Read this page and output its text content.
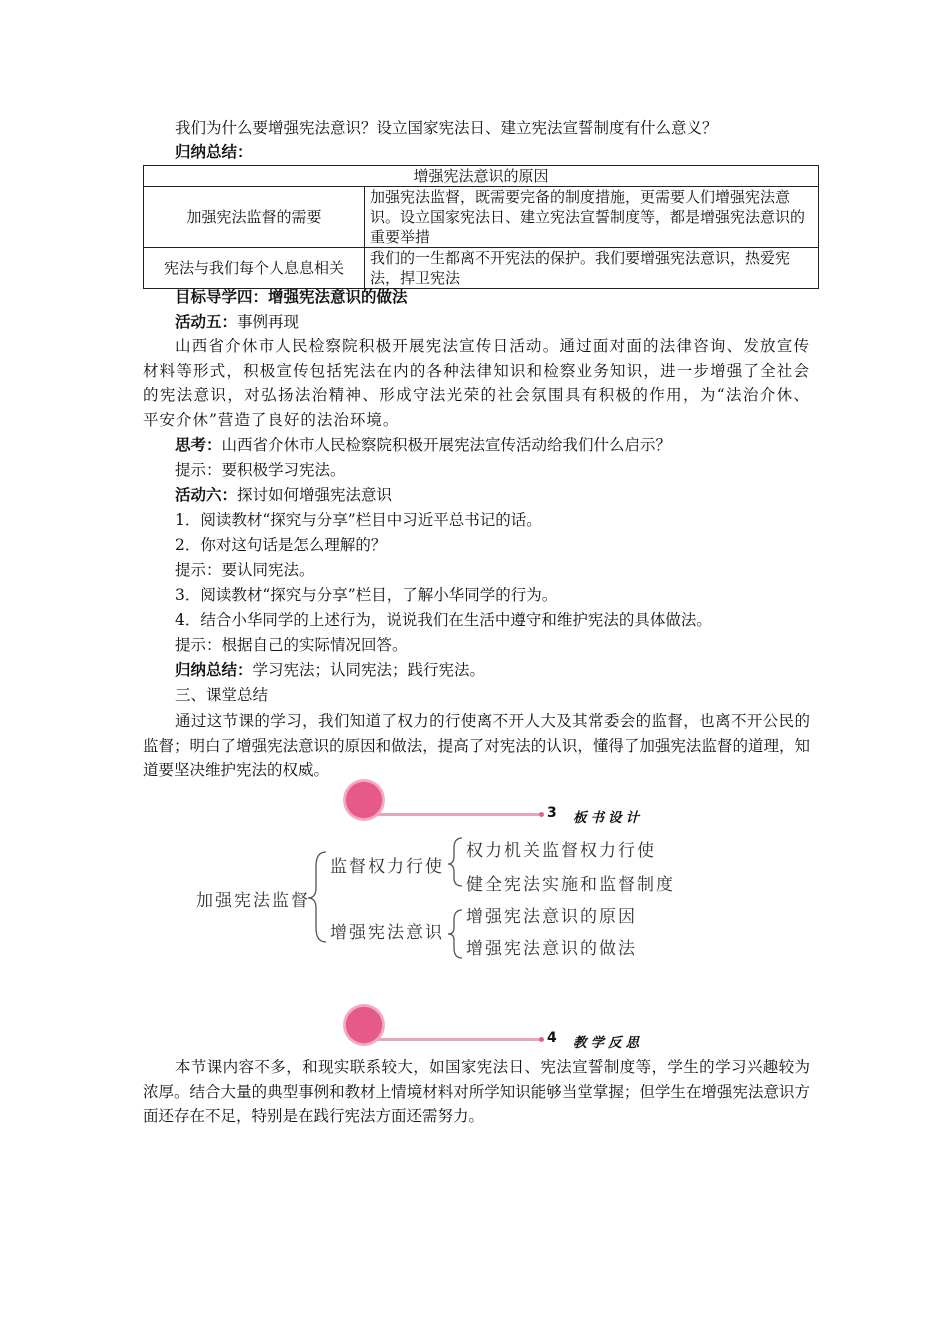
我们为什么要增强宪法意识？设立国家宪法日、建立宪法宣誓制度有什么意义？
归纳总结：
增强宪法意识的原因	
加强宪法监督的需要	加强宪法监督，既需要完备的制度措施，更需要人们增强宪法意识。设立国家宪法日、建立宪法宣誓制度等，都是增强宪法意识的重要举措
宪法与我们每个人息息相关	我们的一生都离不开宪法的保护。我们要增强宪法意识，热爱宪法，捍卫宪法
目标导学四：增强宪法意识的做法
活动五：事例再现
山西省介休市人民检察院积极开展宪法宣传日活动。通过面对面的法律咨询、发放宣传材料等形式，积极宣传包括宪法在内的各种法律知识和检察业务知识，进一步增强了全社会的宪法意识，对弘扬法治精神、形成守法光荣的社会氛围具有积极的作用，为“法治介休、平安介休”营造了良好的法治环境。
思考：山西省介休市人民检察院积极开展宪法宣传活动给我们什么启示？
提示：要积极学习宪法。
活动六：探讨如何增强宪法意识
1．阅读教材“探究与分享”栏目中习近平总书记的话。
2．你对这句话是怎么理解的？
提示：要认同宪法。
3．阅读教材“探究与分享”栏目，了解小华同学的行为。
4．结合小华同学的上述行为，说说我们在生活中遵守和维护宪法的具体做法。
提示：根据自己的实际情况回答。
归纳总结：学习宪法；认同宪法；践行宪法。
三、课堂总结
通过这节课的学习，我们知道了权力的行使离不开人大及其常委会的监督，也离不开公民的监督；明白了增强宪法意识的原因和做法，提高了对宪法的认识，懂得了加强宪法监督的道理，知道要坚决维护宪法的权威。
3 板书设计
加强宪法监督
监督权力行使
增强宪法意识
权力机关监督权力行使
健全宪法实施和监督制度
增强宪法意识的原因
增强宪法意识的做法
4 教学反思
本节课内容不多，和现实联系较大，如国家宪法日、宪法宣誓制度等，学生的学习兴趣较为浓厚。结合大量的典型事例和教材上情境材料对所学知识能够当堂掌握；但学生在增强宪法意识方面还存在不足，特别是在践行宪法方面还需努力。
